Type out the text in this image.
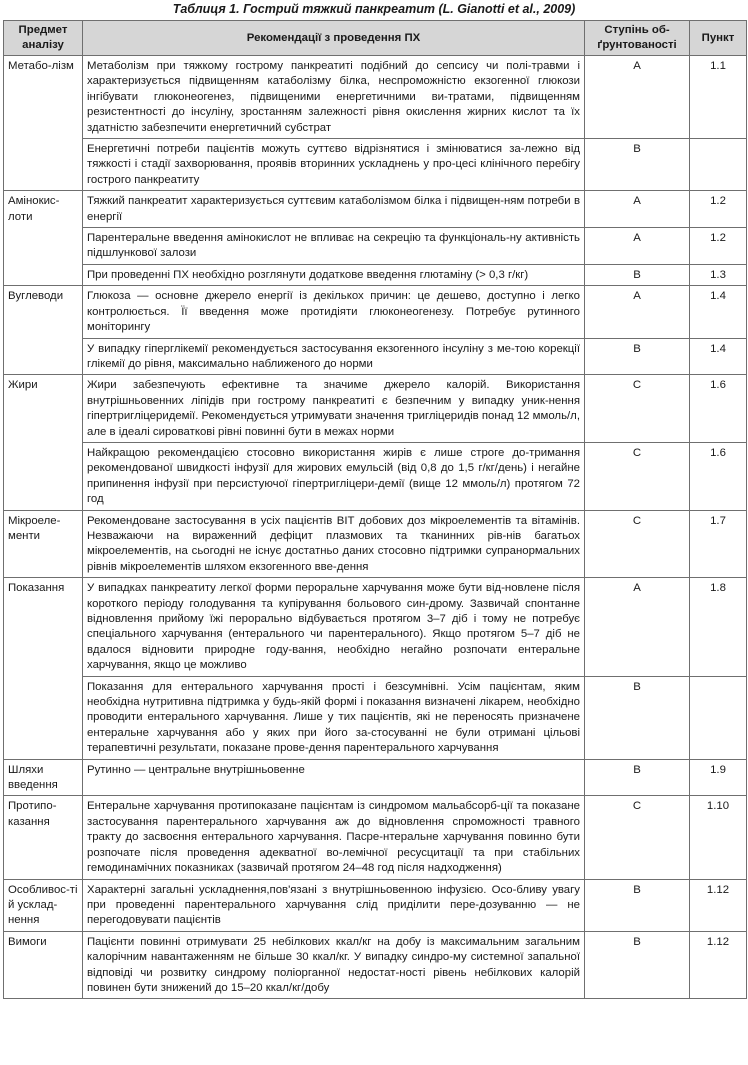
Таблиця 1. Гострий тяжкий панкреатит (L. Gianotti et al., 2009)
Предмет аналізу	Рекомендації з проведення ПХ	Ступінь об-ґрунтованості	Пункт
Метабо-лізм	Метаболізм при тяжкому гострому панкреатиті подібний до сепсису чи полі-травми і характеризується підвищенням катаболізму білка, неспроможністю екзогенної глюкози інгібувати глюконеогенез, підвищеними енергетичними ви-тратами, підвищенням резистентності до інсуліну, зростанням залежності рівня окислення жирних кислот та їх здатністю забезпечити енергетичний субстрат	A	1.1
	Енергетичні потреби пацієнтів можуть суттєво відрізнятися і змінюватися за-лежно від тяжкості і стадії захворювання, проявів вторинних ускладнень у про-цесі клінічного перебігу гострого панкреатиту	B	
Амінокис-лоти	Тяжкий панкреатит характеризується суттєвим катаболізмом білка і підвищен-ням потреби в енергії	A	1.2
	Парентеральне введення амінокислот не впливає на секрецію та функціональ-ну активність підшлункової залози	A	1.2
	При проведенні ПХ необхідно розглянути додаткове введення глютаміну (> 0,3 г/кг)	B	1.3
Вуглеводи	Глюкоза — основне джерело енергії із декількох причин: це дешево, доступно і легко контролюється. Її введення може протидіяти глюконеогенезу. Потребує рутинного моніторингу	A	1.4
	У випадку гіперглікемії рекомендується застосування екзогенного інсуліну з ме-тою корекції глікемії до рівня, максимально наближеного до норми	B	1.4
Жири	Жири забезпечують ефективне та значиме джерело калорій. Використання внутрішньовенних ліпідів при гострому панкреатиті є безпечним у випадку уник-нення гіпертригліцеридемії. Рекомендується утримувати значення тригліцеридів понад 12 ммоль/л, але в ідеалі сироваткові рівні повинні бути в межах норми	C	1.6
	Найкращою рекомендацією стосовно використання жирів є лише строге до-тримання рекомендованої швидкості інфузії для жирових емульсій (від 0,8 до 1,5 г/кг/день) і негайне припинення інфузії при персистуючої гіпертригліцери-демії (вище 12 ммоль/л) протягом 72 год	C	1.6
Мікроеле-менти	Рекомендоване застосування в усіх пацієнтів ВІТ добових доз мікроелементів та вітамінів. Незважаючи на вираженний дефіцит плазмових та тканинних рів-нів багатьох мікроелементів, на сьогодні не існує достатньо даних стосовно підтримки супранормальних рівнів мікроелементів шляхом екзогенного вве-дення	C	1.7
Показання	У випадках панкреатиту легкої форми пероральне харчування може бути від-новлене після короткого періоду голодування та купірування больового син-дрому. Зазвичай спонтанне відновлення прийому їжі перорально відбувається протягом 3–7 діб і тому не потребує спеціального харчування (ентерального чи парентерального). Якщо протягом 5–7 діб не вдалося відновити природне году-вання, необхідно негайно розпочати ентеральне харчування, якщо це можливо	A	1.8
	Показання для ентерального харчування прості і безсумнівні. Усім пацієнтам, яким необхідна нутритивна підтримка у будь-якій формі і показання визначені лікарем, необхідно проводити ентерального харчування. Лише у тих пацієнтів, які не переносять призначене ентеральне харчування або у яких при його за-стосуванні не були отримані цільові терапевтичні результати, показане прове-дення парентерального харчування	B	
Шляхи введення	Рутинно — центральне внутрішньовенне	B	1.9
Протипо-казання	Ентеральне харчування протипоказане пацієнтам із синдромом мальабсорб-ції та показане застосування парентерального харчування аж до відновлення спроможності травного тракту до засвоєння ентерального харчування. Пасре-нтеральне харчування повинно бути розпочате після проведення адекватної во-лемічної ресусцитації та при стабільних гемодинамічних показниках (зазвичай протягом 24–48 год після надходження)	C	1.10
Особливос-ті й усклад-нення	Характерні загальні ускладнення,пов'язані з внутрішньовенною інфузією. Осо-бливу увагу при проведенні парентерального харчування слід приділити пере-дозуванню — не перегодовувати пацієнтів	B	1.12
Вимоги	Пацієнти повинні отримувати 25 небілкових ккал/кг на добу із максимальним загальним калорічним навантаженням не більше 30 ккал/кг. У випадку синдро-му системної запальної відповіді чи розвитку синдрому поліорганної недостат-ності рівень небілкових калорій повинен бути знижений до 15–20 ккал/кг/добу	B	1.12
